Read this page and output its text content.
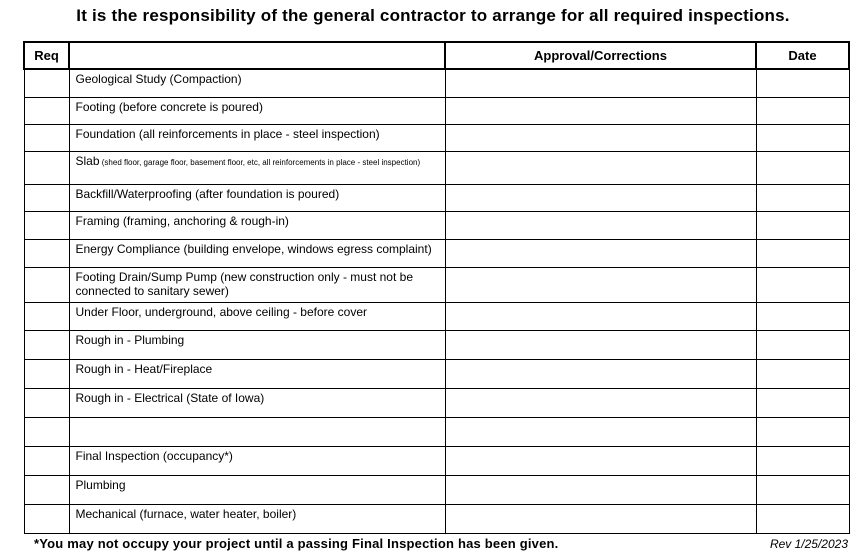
It is the responsibility of the general contractor to arrange for all required inspections.
Req		Approval/Corrections	Date
	Geological Study (Compaction)		
	Footing (before concrete is poured)		
	Foundation (all reinforcements in place - steel inspection)		
	Slab (shed floor, garage floor, basement floor, etc, all reinforcements in place - steel inspection)		
	Backfill/Waterproofing (after foundation is poured)		
	Framing (framing, anchoring & rough-in)		
	Energy Compliance (building envelope, windows egress complaint)		
	Footing Drain/Sump Pump (new construction only - must not be connected to sanitary sewer)		
	Under Floor, underground, above ceiling - before cover		
	Rough in - Plumbing		
	Rough in - Heat/Fireplace		
	Rough in - Electrical (State of Iowa)		

	Final Inspection (occupancy*)		
	Plumbing		
	Mechanical (furnace, water heater, boiler)		
*You may not occupy your project until a passing Final Inspection has been given.	Rev 1/25/2023
